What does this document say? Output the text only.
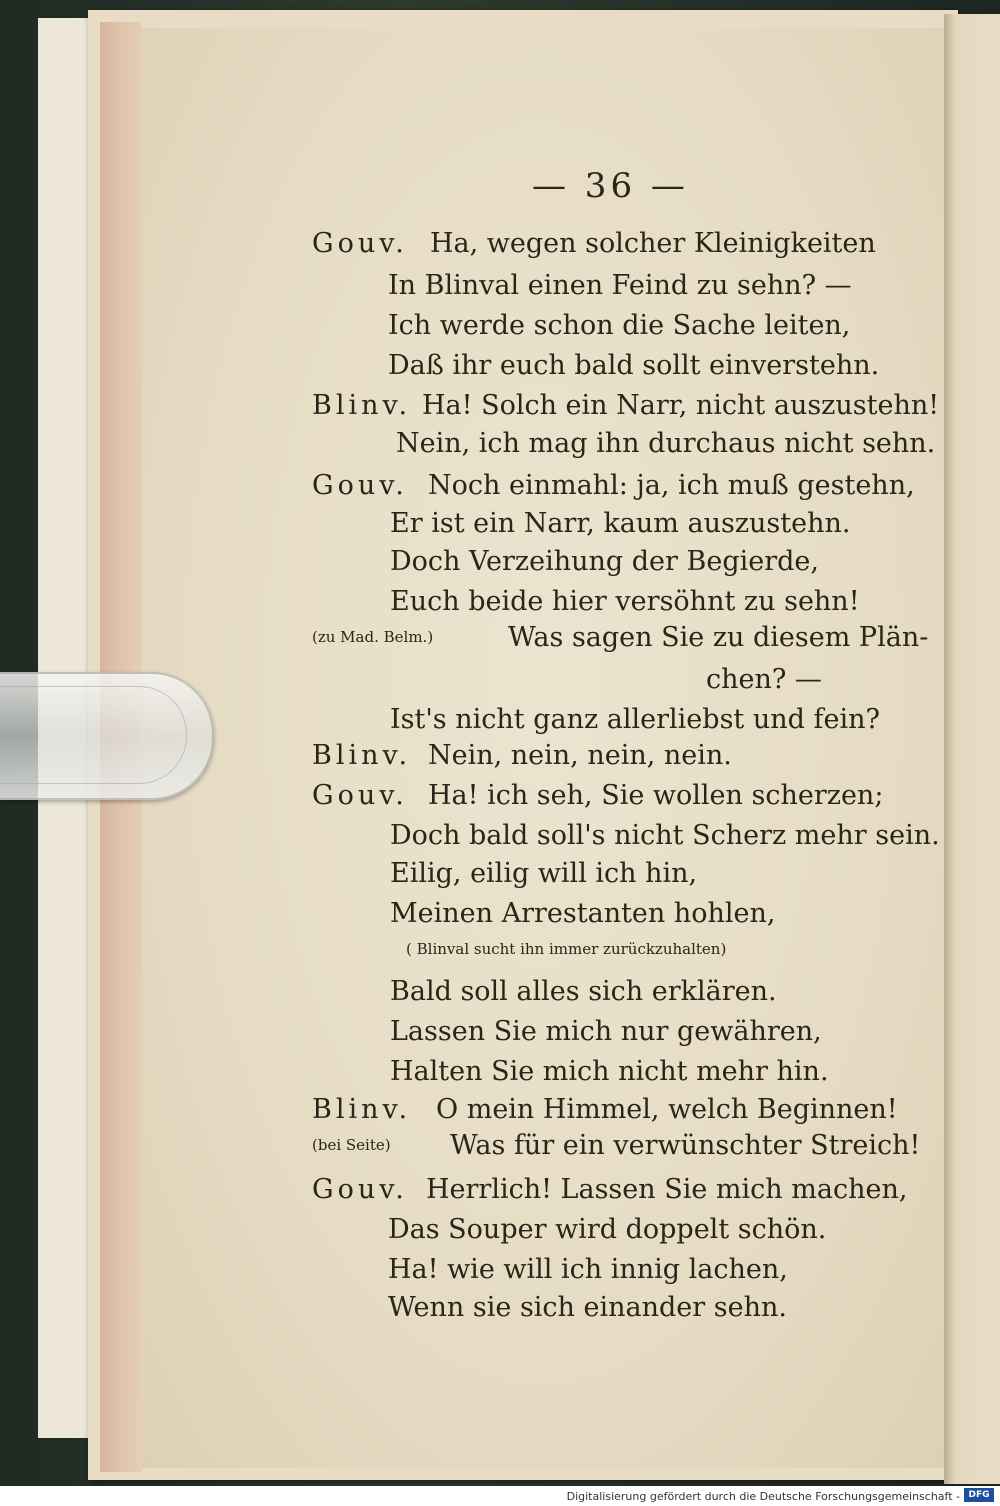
— 36 —
Gouv. Ha, wegen solcher Kleinigkeiten
In Blinval einen Feind zu sehn? —
Ich werde schon die Sache leiten,
Daß ihr euch bald sollt einverstehn.
Blinv. Ha! Solch ein Narr, nicht auszustehn!
Nein, ich mag ihn durchaus nicht sehn.
Gouv. Noch einmahl: ja, ich muß gestehn,
Er ist ein Narr, kaum auszustehn.
Doch Verzeihung der Begierde,
Euch beide hier versöhnt zu sehn!
(zu Mad. Belm.)	Was sagen Sie zu diesem Plän-
chen? —
Ist's nicht ganz allerliebst und fein?
Blinv. Nein, nein, nein, nein.
Gouv. Ha! ich seh, Sie wollen scherzen;
Doch bald soll's nicht Scherz mehr sein.
Eilig, eilig will ich hin,
Meinen Arrestanten hohlen,
( Blinval sucht ihn immer zurückzuhalten)
Bald soll alles sich erklären.
Lassen Sie mich nur gewähren,
Halten Sie mich nicht mehr hin.
Blinv. O mein Himmel, welch Beginnen!
(bei Seite) Was für ein verwünschter Streich!
Gouv. Herrlich! Lassen Sie mich machen,
Das Souper wird doppelt schön.
Ha! wie will ich innig lachen,
Wenn sie sich einander sehn.
Digitalisierung gefördert durch die Deutsche Forschungsgemeinschaft - DFG
